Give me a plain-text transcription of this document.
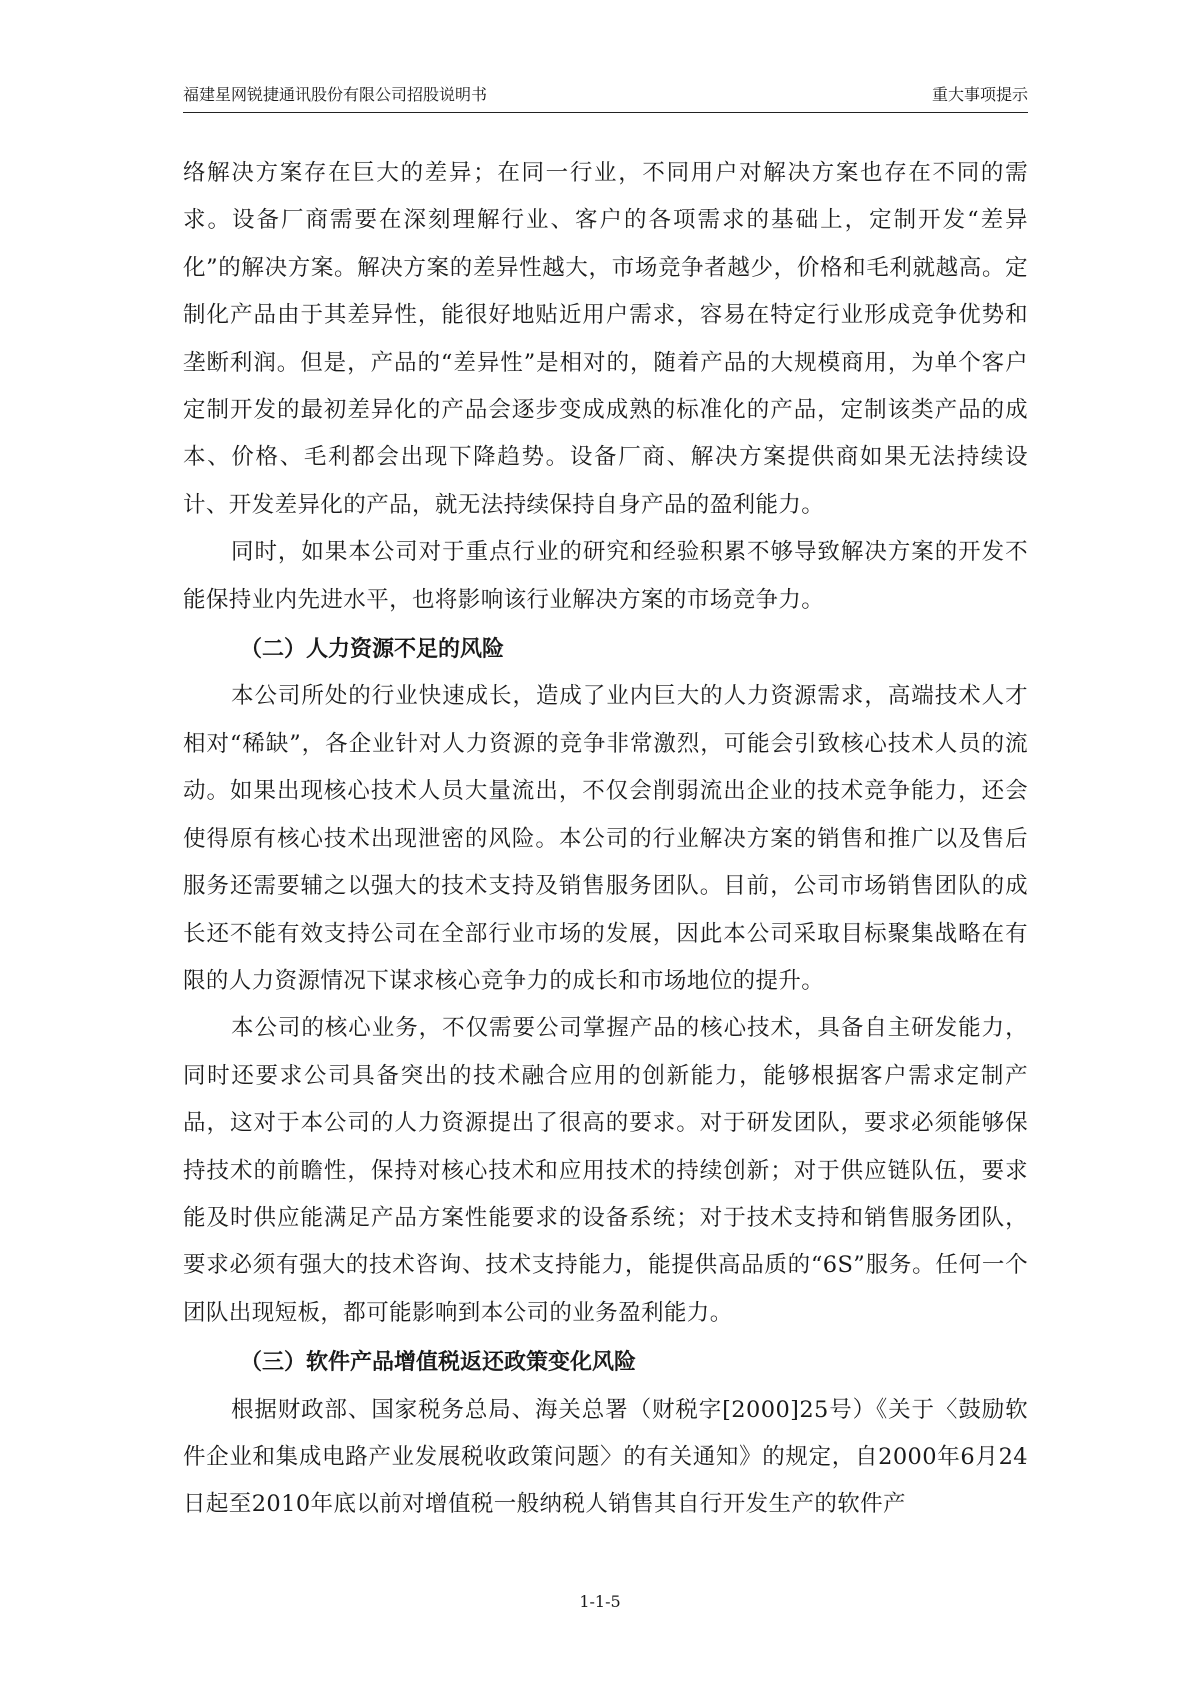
福建星网锐捷通讯股份有限公司招股说明书	重大事项提示

络解决方案存在巨大的差异；在同一行业，不同用户对解决方案也存在不同的需求。设备厂商需要在深刻理解行业、客户的各项需求的基础上，定制开发“差异化”的解决方案。解决方案的差异性越大，市场竞争者越少，价格和毛利就越高。定制化产品由于其差异性，能很好地贴近用户需求，容易在特定行业形成竞争优势和垄断利润。但是，产品的“差异性”是相对的，随着产品的大规模商用，为单个客户定制开发的最初差异化的产品会逐步变成成熟的标准化的产品，定制该类产品的成本、价格、毛利都会出现下降趋势。设备厂商、解决方案提供商如果无法持续设计、开发差异化的产品，就无法持续保持自身产品的盈利能力。

同时，如果本公司对于重点行业的研究和经验积累不够导致解决方案的开发不能保持业内先进水平，也将影响该行业解决方案的市场竞争力。

（二）人力资源不足的风险

本公司所处的行业快速成长，造成了业内巨大的人力资源需求，高端技术人才相对“稀缺”，各企业针对人力资源的竞争非常激烈，可能会引致核心技术人员的流动。如果出现核心技术人员大量流出，不仅会削弱流出企业的技术竞争能力，还会使得原有核心技术出现泄密的风险。本公司的行业解决方案的销售和推广以及售后服务还需要辅之以强大的技术支持及销售服务团队。目前，公司市场销售团队的成长还不能有效支持公司在全部行业市场的发展，因此本公司采取目标聚集战略在有限的人力资源情况下谋求核心竞争力的成长和市场地位的提升。

本公司的核心业务，不仅需要公司掌握产品的核心技术，具备自主研发能力，同时还要求公司具备突出的技术融合应用的创新能力，能够根据客户需求定制产品，这对于本公司的人力资源提出了很高的要求。对于研发团队，要求必须能够保持技术的前瞻性，保持对核心技术和应用技术的持续创新；对于供应链队伍，要求能及时供应能满足产品方案性能要求的设备系统；对于技术支持和销售服务团队，要求必须有强大的技术咨询、技术支持能力，能提供高品质的“6S”服务。任何一个团队出现短板，都可能影响到本公司的业务盈利能力。

（三）软件产品增值税返还政策变化风险

根据财政部、国家税务总局、海关总署（财税字[2000]25号）《关于〈鼓励软件企业和集成电路产业发展税收政策问题〉的有关通知》的规定，自2000年6月24日起至2010年底以前对增值税一般纳税人销售其自行开发生产的软件产

1-1-5
